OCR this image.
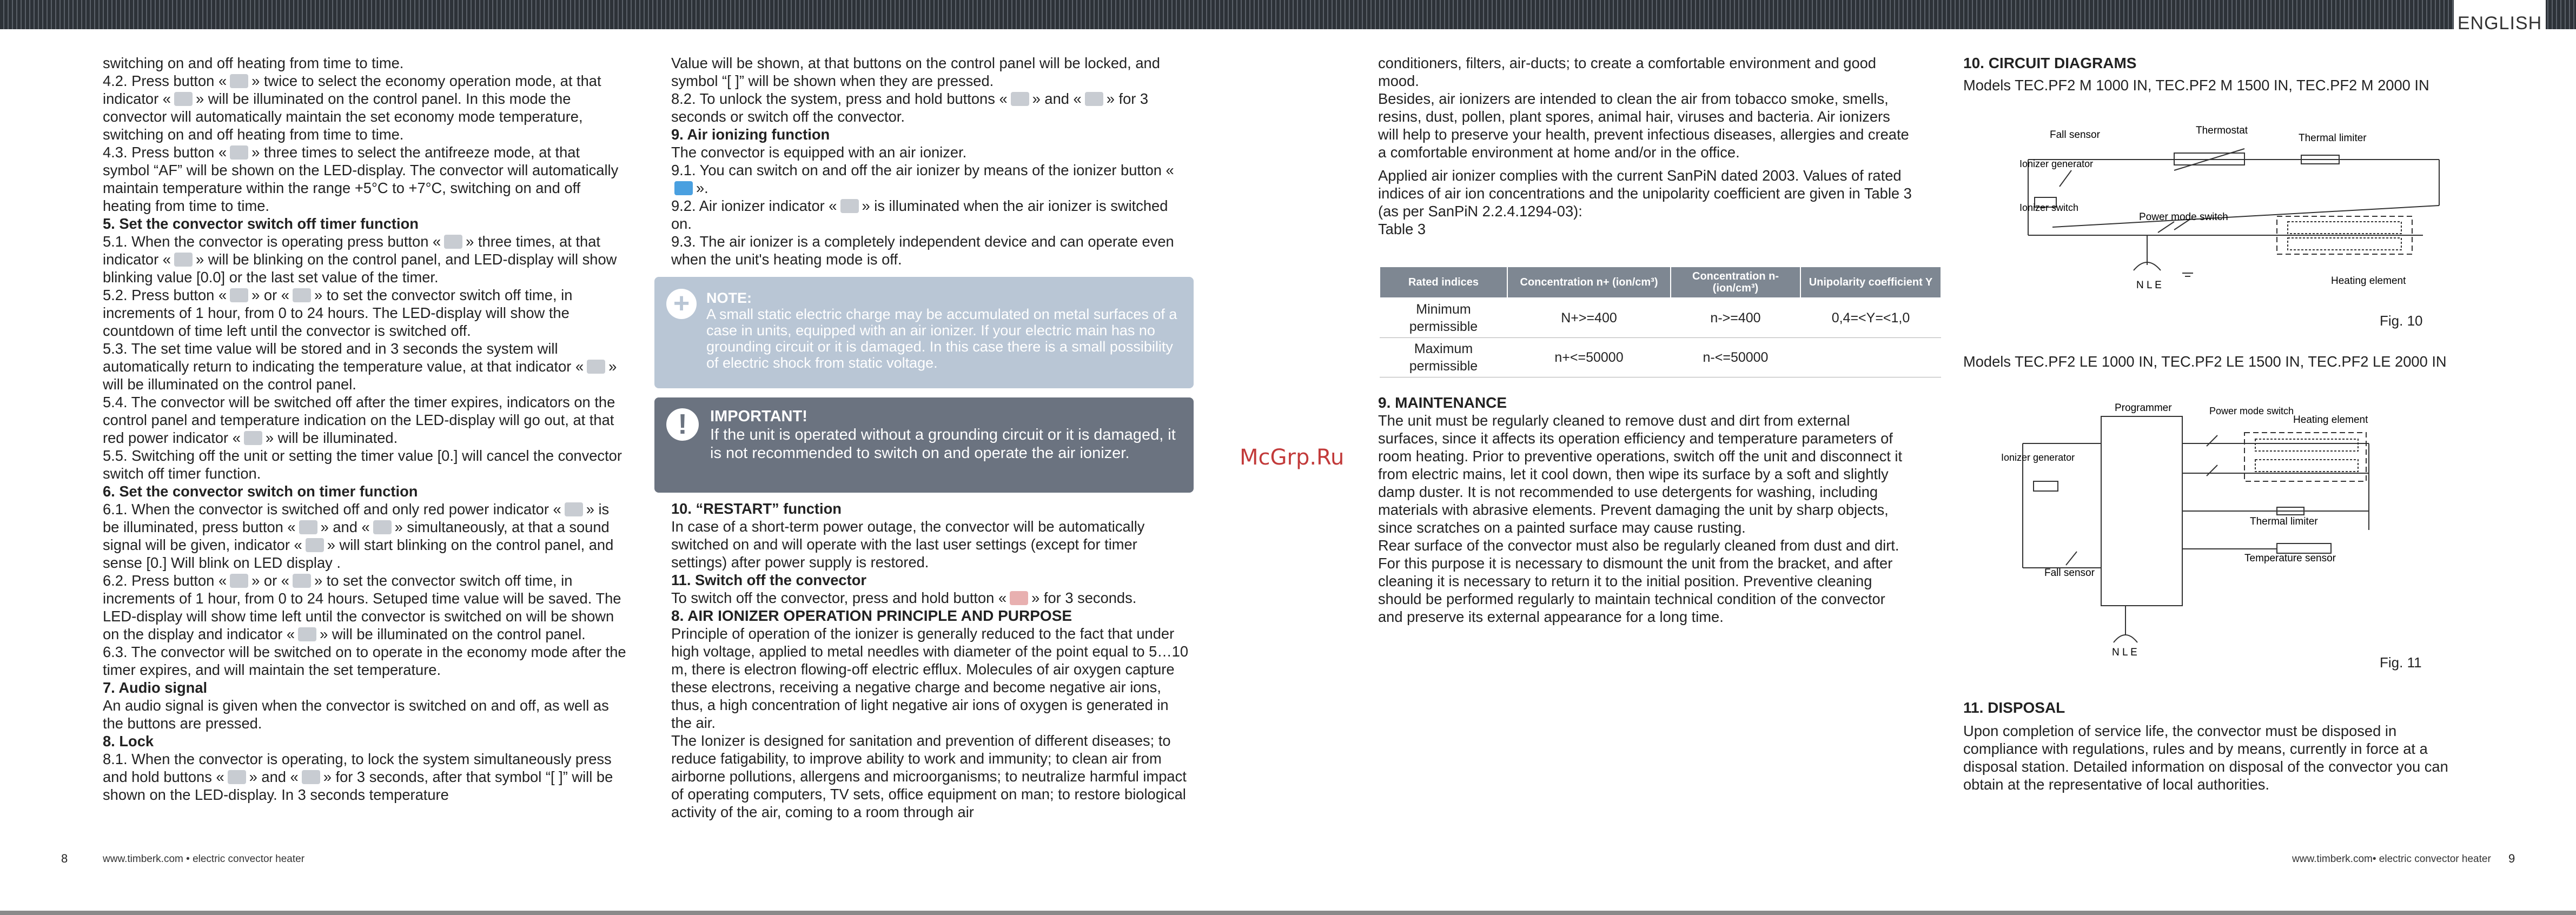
ENGLISH

switching on and off heating from time to time.

4.2. Press button « » twice to select the economy operation mode, at that indicator « » will be illuminated on the control panel. In this mode the convector will automatically maintain the set economy mode temperature, switching on and off heating from time to time.

4.3. Press button « » three times to select the antifreeze mode, at that symbol “AF” will be shown on the LED-display. The convector will automatically maintain temperature within the range +5°C to +7°C, switching on and off heating from time to time.

5. Set the convector switch off timer function

5.1. When the convector is operating press button « » three times, at that indicator « » will be blinking on the control panel, and LED-display will show blinking value [0.0] or the last set value of the timer.

5.2. Press button « » or « » to set the convector switch off time, in increments of 1 hour, from 0 to 24 hours. The LED-display will show the countdown of time left until the convector is switched off.

5.3. The set time value will be stored and in 3 seconds the system will automatically return to indicating the temperature value, at that indicator « » will be illuminated on the control panel.

5.4. The convector will be switched off after the timer expires, indicators on the control panel and temperature indication on the LED-display will go out, at that red power indicator « » will be illuminated.

5.5. Switching off the unit or setting the timer value [0.] will cancel the convector switch off timer function.

6. Set the convector switch on timer function

6.1. When the convector is switched off and only red power indicator « » is be illuminated, press button « » and « » simultaneously, at that a sound signal will be given, indicator « » will start blinking on the control panel, and sense [0.] Will blink on LED display .

6.2. Press button « » or « » to set the convector switch off time, in increments of 1 hour, from 0 to 24 hours. Setuped time value will be saved. The LED-display will show time left until the convector is switched on will be shown on the display and indicator « » will be illuminated on the control panel.

6.3. The convector will be switched on to operate in the economy mode after the timer expires, and will maintain the set temperature.

7. Audio signal

An audio signal is given when the convector is switched on and off, as well as the buttons are pressed.

8. Lock

8.1. When the convector is operating, to lock the system simultaneously press and hold buttons « » and « » for 3 seconds, after that symbol “[ ]” will be shown on the LED-display. In 3 seconds temperature

Value will be shown, at that buttons on the control panel will be locked, and symbol “[ ]” will be shown when they are pressed.

8.2. To unlock the system, press and hold buttons « » and « » for 3 seconds or switch off the convector.

9. Air ionizing function

The convector is equipped with an air ionizer.

9.1. You can switch on and off the air ionizer by means of the ionizer button «».

9.2. Air ionizer indicator « » is illuminated when the air ionizer is switched on.

9.3. The air ionizer is a completely independent device and can operate even when the unit's heating mode is off.

+	NOTE:
A small static electric charge may be accumulated on metal surfaces of a case in units, equipped with an air ionizer. If your electric main has no grounding circuit or it is damaged. In this case there is a small possibility of electric shock from static voltage.
!	IMPORTANT!
If the unit is operated without a grounding circuit or it is damaged, it is not recommended to switch on and operate the air ionizer.

10. “RESTART” function

In case of a short-term power outage, the convector will be automatically switched on and will operate with the last user settings (except for timer settings) after power supply is restored.

11. Switch off the convector

To switch off the convector, press and hold button « » for 3 seconds.

8. AIR IONIZER OPERATION PRINCIPLE AND PURPOSE

Principle of operation of the ionizer is generally reduced to the fact that under high voltage, applied to metal needles with diameter of the point equal to 5…10 m, there is electron flowing-off electric efflux. Molecules of air oxygen capture these electrons, receiving a negative charge and become negative air ions, thus, a high concentration of light negative air ions of oxygen is generated in the air.

The Ionizer is designed for sanitation and prevention of different diseases; to reduce fatigability, to improve ability to work and immunity; to clean air from airborne pollutions, allergens and microorganisms; to neutralize harmful impact of operating computers, TV sets, office equipment on man; to restore biological activity of the air, coming to a room through air

McGrp.Ru

conditioners, filters, air-ducts; to create a comfortable environment and good mood.

Besides, air ionizers are intended to clean the air from tobacco smoke, smells, resins, dust, pollen, plant spores, animal hair, viruses and bacteria. Air ionizers will help to preserve your health, prevent infectious diseases, allergies and create a comfortable environment at home and/or in the office.

Applied air ionizer complies with the current SanPiN dated 2003. Values of rated indices of air ion concentrations and the unipolarity coefficient are given in Table 3 (as per SanPiN 2.2.4.1294-03):

Table 3

Rated indices	Concentration n+ (ion/cm³)	Concentration n- (ion/cm³)	Unipolarity coefficient Y
Minimum permissible	N+>=400	n->=400	0,4=<Y=<1,0
Maximum permissible	n+<=50000	n-<=50000	

9. MAINTENANCE

The unit must be regularly cleaned to remove dust and dirt from external surfaces, since it affects its operation efficiency and temperature parameters of room heating. Prior to preventive operations, switch off the unit and disconnect it from electric mains, let it cool down, then wipe its surface by a soft and slightly damp duster. It is not recommended to use detergents for washing, including materials with abrasive elements. Prevent damaging the unit by sharp objects, since scratches on a painted surface may cause rusting.

Rear surface of the convector must also be regularly cleaned from dust and dirt. For this purpose it is necessary to dismount the unit from the bracket, and after cleaning it is necessary to return it to the initial position. Preventive cleaning should be performed regularly to maintain technical condition of the convector and preserve its external appearance for a long time.

10. CIRCUIT DIAGRAMS

Models TEC.PF2 M 1000 IN, TEC.PF2 M 1500 IN, TEC.PF2 M 2000 IN

Fall sensor	Thermostat
Thermal limiter
Ionizer generator
Ionizer switch
Power mode switch
Heating element
N L E
Fig. 10

Models TEC.PF2 LE 1000 IN, TEC.PF2 LE 1500 IN, TEC.PF2 LE 2000 IN

Programmer	Power mode switch
Heating element
Ionizer generator
Thermal limiter
Temperature sensor
Fall sensor
N L E
Fig. 11

11. DISPOSAL

Upon completion of service life, the convector must be disposed in compliance with regulations, rules and by means, currently in force at a disposal station. Detailed information on disposal of the convector you can obtain at the representative of local authorities.

8	www.timberk.com • electric convector heater	www.timberk.com• electric convector heater 9
